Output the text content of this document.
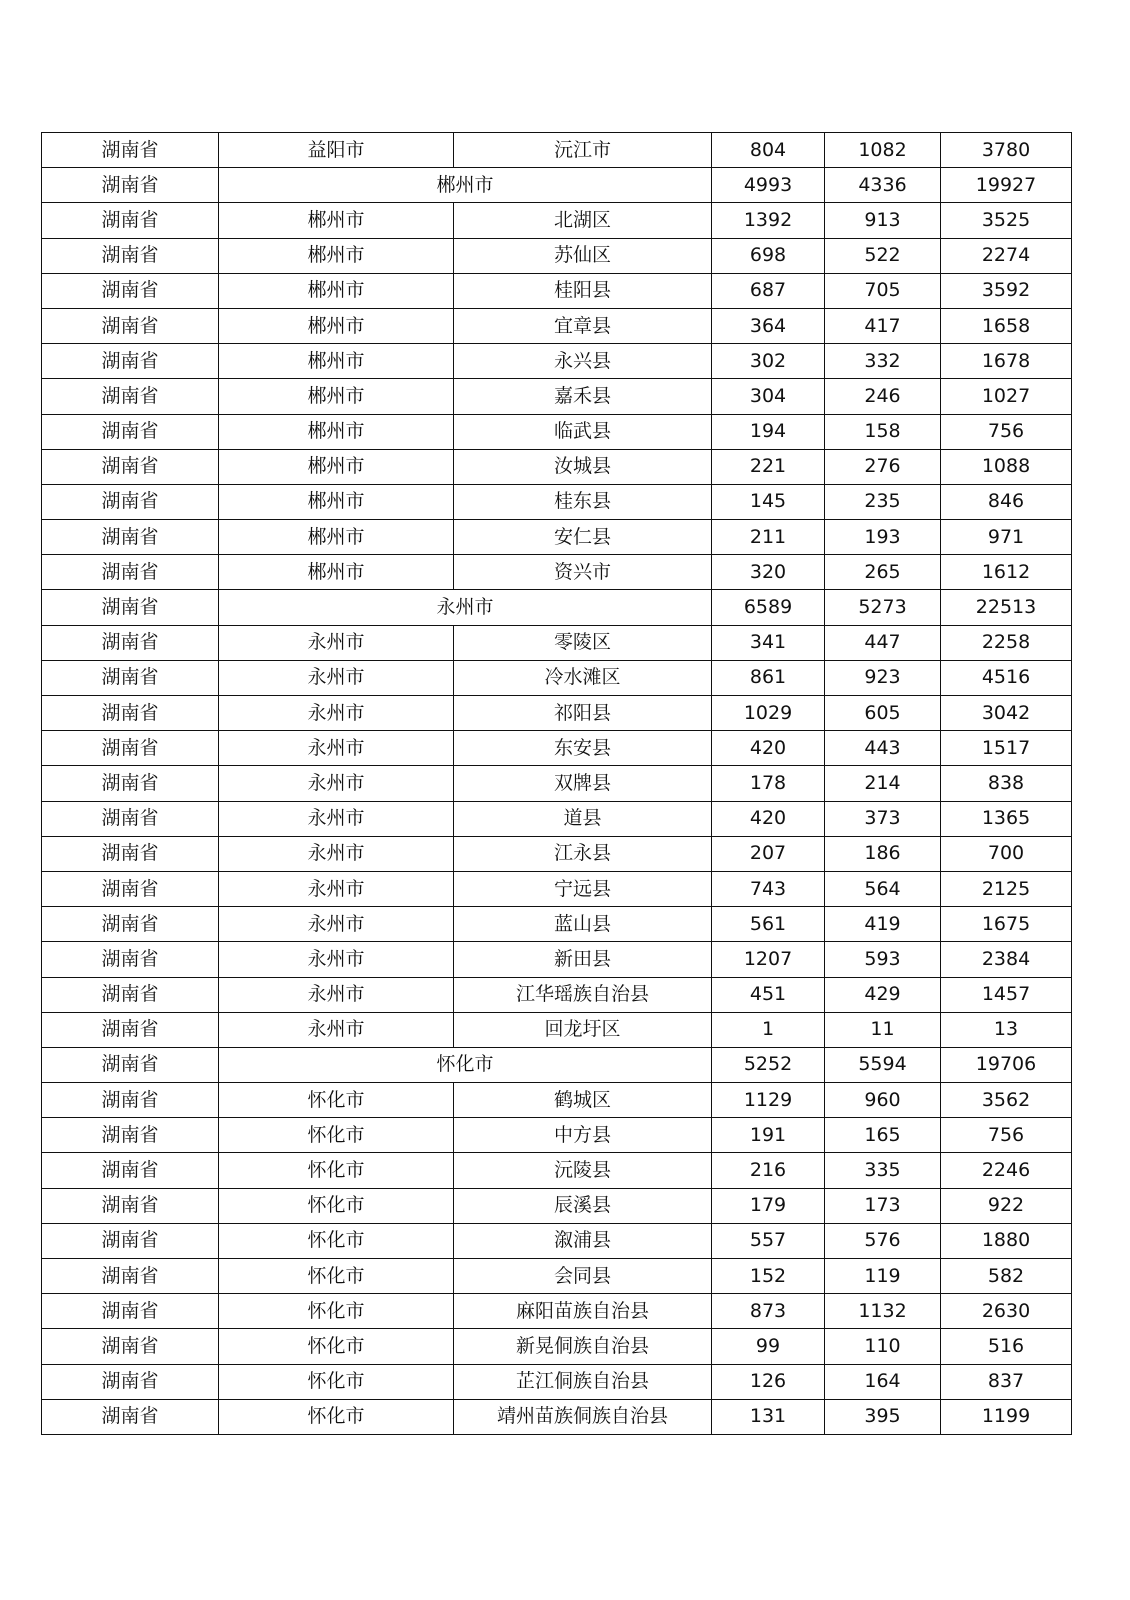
湖南省	益阳市	沅江市	804	1082	3780
湖南省	郴州市		4993	4336	19927
湖南省	郴州市	北湖区	1392	913	3525
湖南省	郴州市	苏仙区	698	522	2274
湖南省	郴州市	桂阳县	687	705	3592
湖南省	郴州市	宜章县	364	417	1658
湖南省	郴州市	永兴县	302	332	1678
湖南省	郴州市	嘉禾县	304	246	1027
湖南省	郴州市	临武县	194	158	756
湖南省	郴州市	汝城县	221	276	1088
湖南省	郴州市	桂东县	145	235	846
湖南省	郴州市	安仁县	211	193	971
湖南省	郴州市	资兴市	320	265	1612
湖南省	永州市		6589	5273	22513
湖南省	永州市	零陵区	341	447	2258
湖南省	永州市	冷水滩区	861	923	4516
湖南省	永州市	祁阳县	1029	605	3042
湖南省	永州市	东安县	420	443	1517
湖南省	永州市	双牌县	178	214	838
湖南省	永州市	道县	420	373	1365
湖南省	永州市	江永县	207	186	700
湖南省	永州市	宁远县	743	564	2125
湖南省	永州市	蓝山县	561	419	1675
湖南省	永州市	新田县	1207	593	2384
湖南省	永州市	江华瑶族自治县	451	429	1457
湖南省	永州市	回龙圩区	1	11	13
湖南省	怀化市		5252	5594	19706
湖南省	怀化市	鹤城区	1129	960	3562
湖南省	怀化市	中方县	191	165	756
湖南省	怀化市	沅陵县	216	335	2246
湖南省	怀化市	辰溪县	179	173	922
湖南省	怀化市	溆浦县	557	576	1880
湖南省	怀化市	会同县	152	119	582
湖南省	怀化市	麻阳苗族自治县	873	1132	2630
湖南省	怀化市	新晃侗族自治县	99	110	516
湖南省	怀化市	芷江侗族自治县	126	164	837
湖南省	怀化市	靖州苗族侗族自治县	131	395	1199
